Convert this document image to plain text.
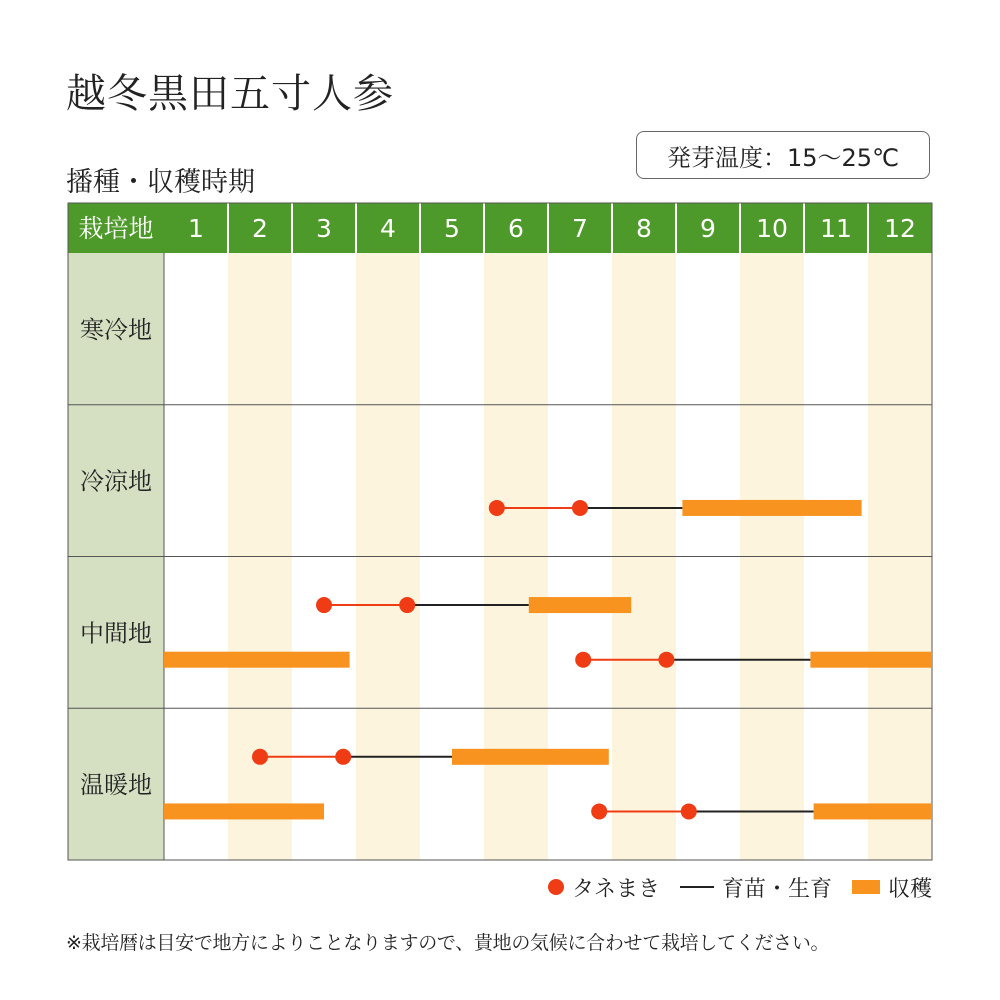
越冬黒田五寸人参
播種・収穫時期
発芽温度：15〜25℃
栽培地 1 2 3 4 5 6 7 8 9 10 11 12
寒冷地
冷涼地
中間地
温暖地
タネまき	育苗・生育	収穫
※栽培暦は目安で地方によりことなりますので、貴地の気候に合わせて栽培してください。
